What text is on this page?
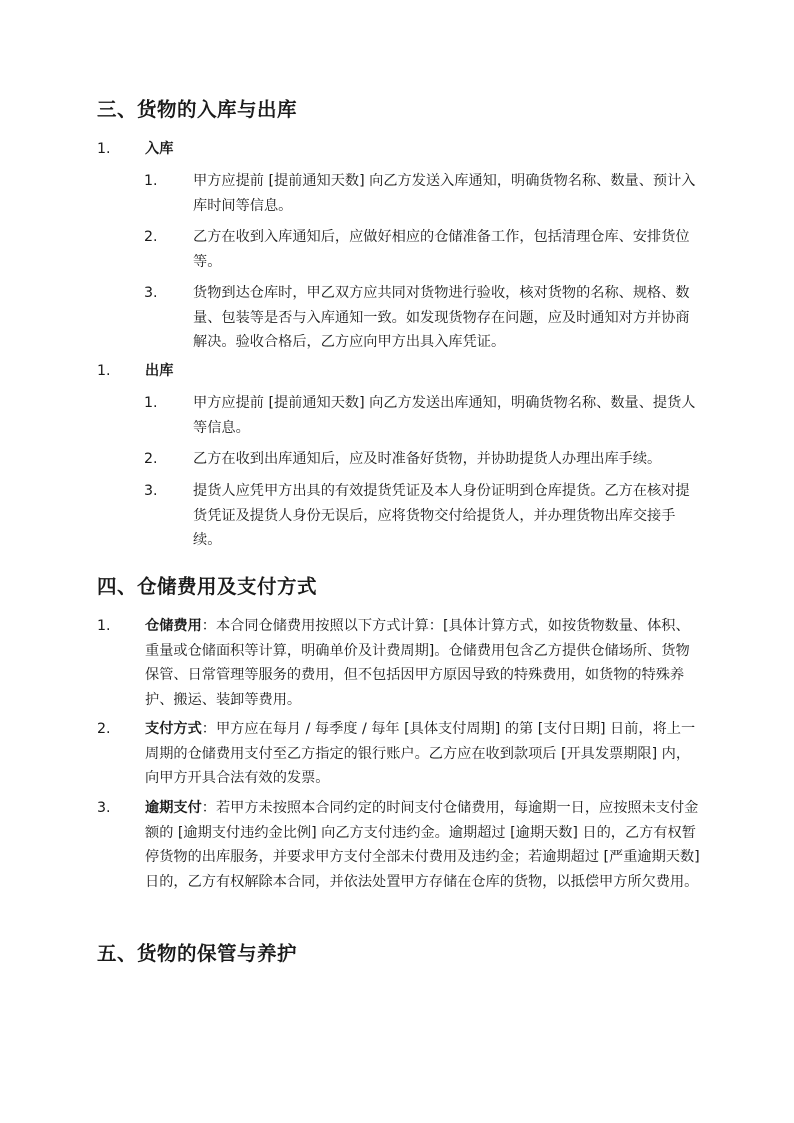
三、货物的入库与出库
1. 入库
1. 甲方应提前 [提前通知天数] 向乙方发送入库通知，明确货物名称、数量、预计入库时间等信息。
2. 乙方在收到入库通知后，应做好相应的仓储准备工作，包括清理仓库、安排货位等。
3. 货物到达仓库时，甲乙双方应共同对货物进行验收，核对货物的名称、规格、数量、包装等是否与入库通知一致。如发现货物存在问题，应及时通知对方并协商解决。验收合格后，乙方应向甲方出具入库凭证。
1. 出库
1. 甲方应提前 [提前通知天数] 向乙方发送出库通知，明确货物名称、数量、提货人等信息。
2. 乙方在收到出库通知后，应及时准备好货物，并协助提货人办理出库手续。
3. 提货人应凭甲方出具的有效提货凭证及本人身份证明到仓库提货。乙方在核对提货凭证及提货人身份无误后，应将货物交付给提货人，并办理货物出库交接手续。
四、仓储费用及支付方式
1. 仓储费用：本合同仓储费用按照以下方式计算：[具体计算方式，如按货物数量、体积、重量或仓储面积等计算，明确单价及计费周期]。仓储费用包含乙方提供仓储场所、货物保管、日常管理等服务的费用，但不包括因甲方原因导致的特殊费用，如货物的特殊养护、搬运、装卸等费用。
2. 支付方式：甲方应在每月 / 每季度 / 每年 [具体支付周期] 的第 [支付日期] 日前，将上一周期的仓储费用支付至乙方指定的银行账户。乙方应在收到款项后 [开具发票期限] 内，向甲方开具合法有效的发票。
3. 逾期支付：若甲方未按照本合同约定的时间支付仓储费用，每逾期一日，应按照未支付金额的 [逾期支付违约金比例] 向乙方支付违约金。逾期超过 [逾期天数] 日的，乙方有权暂停货物的出库服务，并要求甲方支付全部未付费用及违约金；若逾期超过 [严重逾期天数] 日的，乙方有权解除本合同，并依法处置甲方存储在仓库的货物，以抵偿甲方所欠费用。
五、货物的保管与养护
